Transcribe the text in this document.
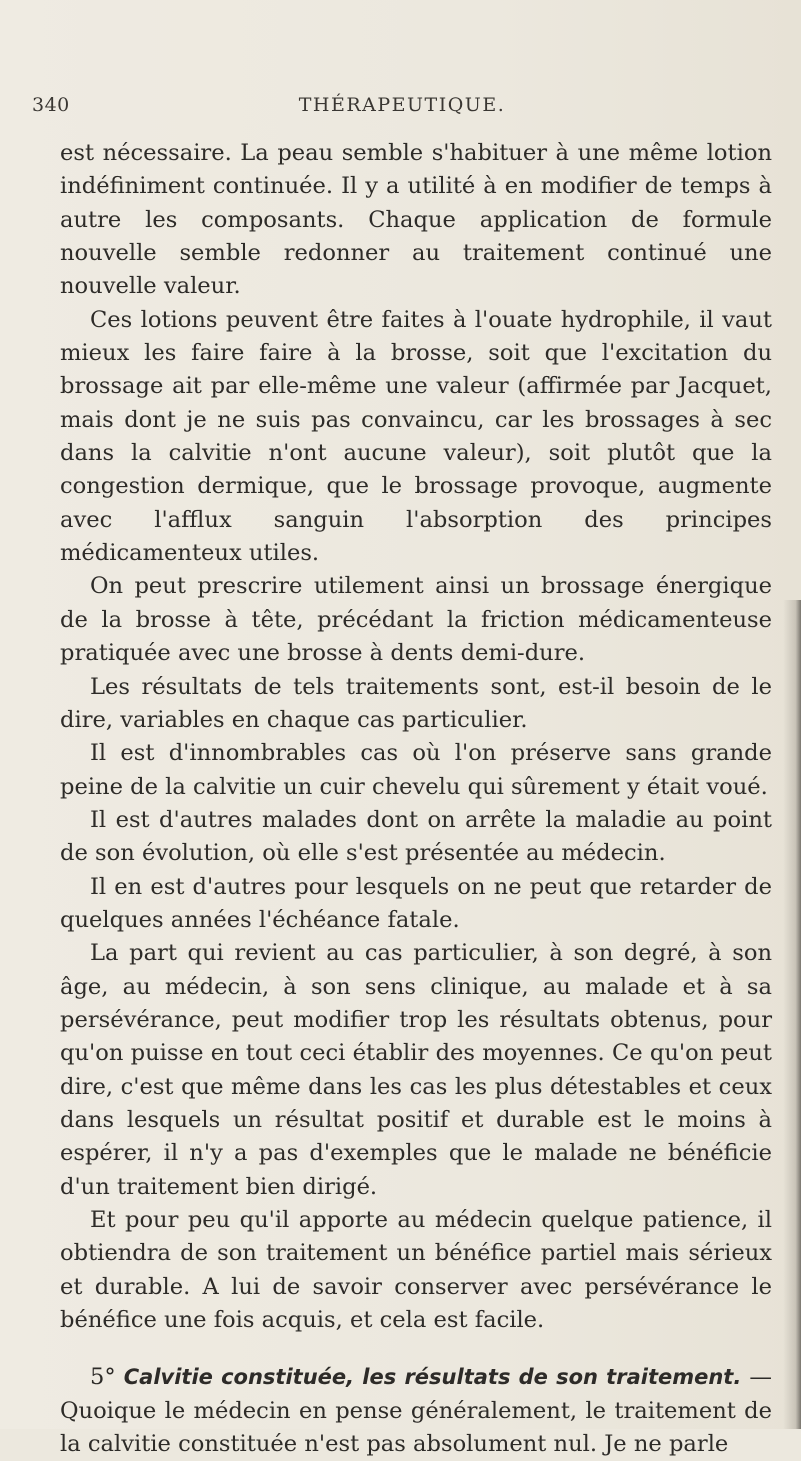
340	THÉRAPEUTIQUE.

est nécessaire. La peau semble s'habituer à une même lotion indéfiniment continuée. Il y a utilité à en modifier de temps à autre les composants. Chaque application de formule nouvelle semble redonner au traitement continué une nouvelle valeur.

Ces lotions peuvent être faites à l'ouate hydrophile, il vaut mieux les faire faire à la brosse, soit que l'excitation du brossage ait par elle-même une valeur (affirmée par Jacquet, mais dont je ne suis pas convaincu, car les brossages à sec dans la calvitie n'ont aucune valeur), soit plutôt que la congestion dermique, que le brossage provoque, augmente avec l'afflux sanguin l'absorption des principes médicamenteux utiles.

On peut prescrire utilement ainsi un brossage énergique de la brosse à tête, précédant la friction médicamenteuse pratiquée avec une brosse à dents demi-dure.

Les résultats de tels traitements sont, est-il besoin de le dire, variables en chaque cas particulier.

Il est d'innombrables cas où l'on préserve sans grande peine de la calvitie un cuir chevelu qui sûrement y était voué.

Il est d'autres malades dont on arrête la maladie au point de son évolution, où elle s'est présentée au médecin.

Il en est d'autres pour lesquels on ne peut que retarder de quelques années l'échéance fatale.

La part qui revient au cas particulier, à son degré, à son âge, au médecin, à son sens clinique, au malade et à sa persévérance, peut modifier trop les résultats obtenus, pour qu'on puisse en tout ceci établir des moyennes. Ce qu'on peut dire, c'est que même dans les cas les plus détestables et ceux dans lesquels un résultat positif et durable est le moins à espérer, il n'y a pas d'exemples que le malade ne bénéficie d'un traitement bien dirigé.

Et pour peu qu'il apporte au médecin quelque patience, il obtiendra de son traitement un bénéfice partiel mais sérieux et durable. A lui de savoir conserver avec persévérance le bénéfice une fois acquis, et cela est facile.

5° Calvitie constituée, les résultats de son traitement. — Quoique le médecin en pense généralement, le traitement de la calvitie constituée n'est pas absolument nul. Je ne parle
